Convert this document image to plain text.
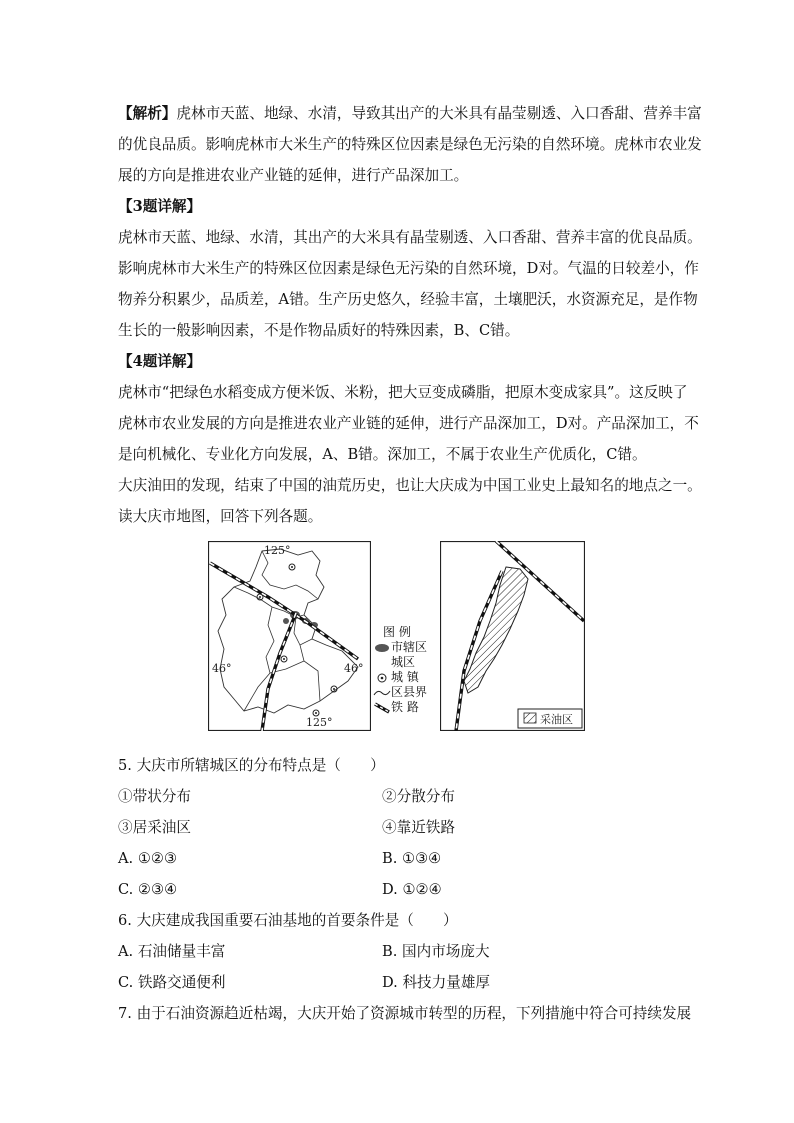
【解析】虎林市天蓝、地绿、水清，导致其出产的大米具有晶莹剔透、入口香甜、营养丰富

的优良品质。影响虎林市大米生产的特殊区位因素是绿色无污染的自然环境。虎林市农业发

展的方向是推进农业产业链的延伸，进行产品深加工。

【3题详解】

虎林市天蓝、地绿、水清，其出产的大米具有晶莹剔透、入口香甜、营养丰富的优良品质。

影响虎林市大米生产的特殊区位因素是绿色无污染的自然环境，D对。气温的日较差小，作

物养分积累少，品质差，A错。生产历史悠久，经验丰富，土壤肥沃，水资源充足，是作物

生长的一般影响因素，不是作物品质好的特殊因素，B、C错。

【4题详解】

虎林市“把绿色水稻变成方便米饭、米粉，把大豆变成磷脂，把原木变成家具”。这反映了

虎林市农业发展的方向是推进农业产业链的延伸，进行产品深加工，D对。产品深加工，不

是向机械化、专业化方向发展，A、B错。深加工，不属于农业生产优质化，C错。

大庆油田的发现，结束了中国的油荒历史，也让大庆成为中国工业史上最知名的地点之一。

读大庆市地图，回答下列各题。

125°
125°
46°	46°
图 例
市辖区
城区
城 镇
区县界
铁 路
采油区

5. 大庆市所辖城区的分布特点是（　　）

①带状分布	②分散分布
③居采油区	④靠近铁路
A. ①②③	B. ①③④
C. ②③④	D. ①②④

6. 大庆建成我国重要石油基地的首要条件是（　　）

A. 石油储量丰富	B. 国内市场庞大
C. 铁路交通便利	D. 科技力量雄厚

7. 由于石油资源趋近枯竭，大庆开始了资源城市转型的历程，下列措施中符合可持续发展
